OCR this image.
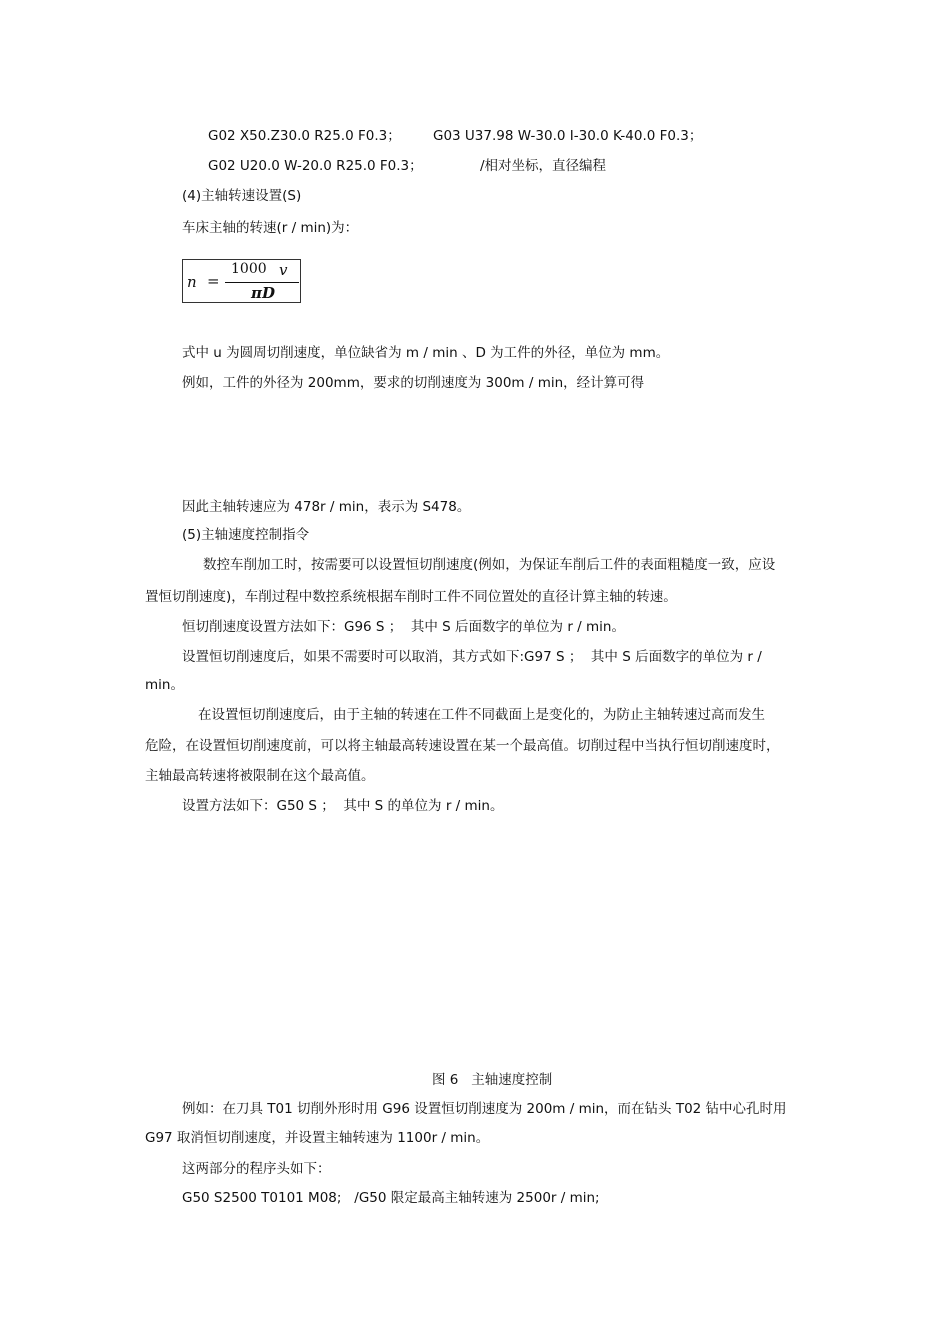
G02 X50.Z30.0 R25.0 F0.3； G03 U37.98 W-30.0 I-30.0 K-40.0 F0.3；
G02 U20.0 W-20.0 R25.0 F0.3；	/相对坐标，直径编程
(4)主轴转速设置(S)
车床主轴的转速(r / min)为：
n =
1000 v
πD
式中 u 为圆周切削速度，单位缺省为 m / min 、D 为工件的外径，单位为 mm。
例如，工件的外径为 200mm，要求的切削速度为 300m / min，经计算可得
因此主轴转速应为 478r / min，表示为 S478。
(5)主轴速度控制指令
数控车削加工时，按需要可以设置恒切削速度(例如，为保证车削后工件的表面粗糙度一致，应设
置恒切削速度)，车削过程中数控系统根据车削时工件不同位置处的直径计算主轴的转速。
恒切削速度设置方法如下：G96 S ；  其中 S 后面数字的单位为 r / min。
设置恒切削速度后，如果不需要时可以取消，其方式如下:G97 S ；  其中 S 后面数字的单位为 r /
min。
在设置恒切削速度后，由于主轴的转速在工件不同截面上是变化的，为防止主轴转速过高而发生
危险，在设置恒切削速度前，可以将主轴最高转速设置在某一个最高值。切削过程中当执行恒切削速度时，
主轴最高转速将被限制在这个最高值。
设置方法如下：G50 S ；  其中 S 的单位为 r / min。
图 6   主轴速度控制
例如：在刀具 T01 切削外形时用 G96 设置恒切削速度为 200m / min，而在钻头 T02 钻中心孔时用
G97 取消恒切削速度，并设置主轴转速为 1100r / min。
这两部分的程序头如下：
G50 S2500 T0101 M08;   /G50 限定最高主轴转速为 2500r / min;
